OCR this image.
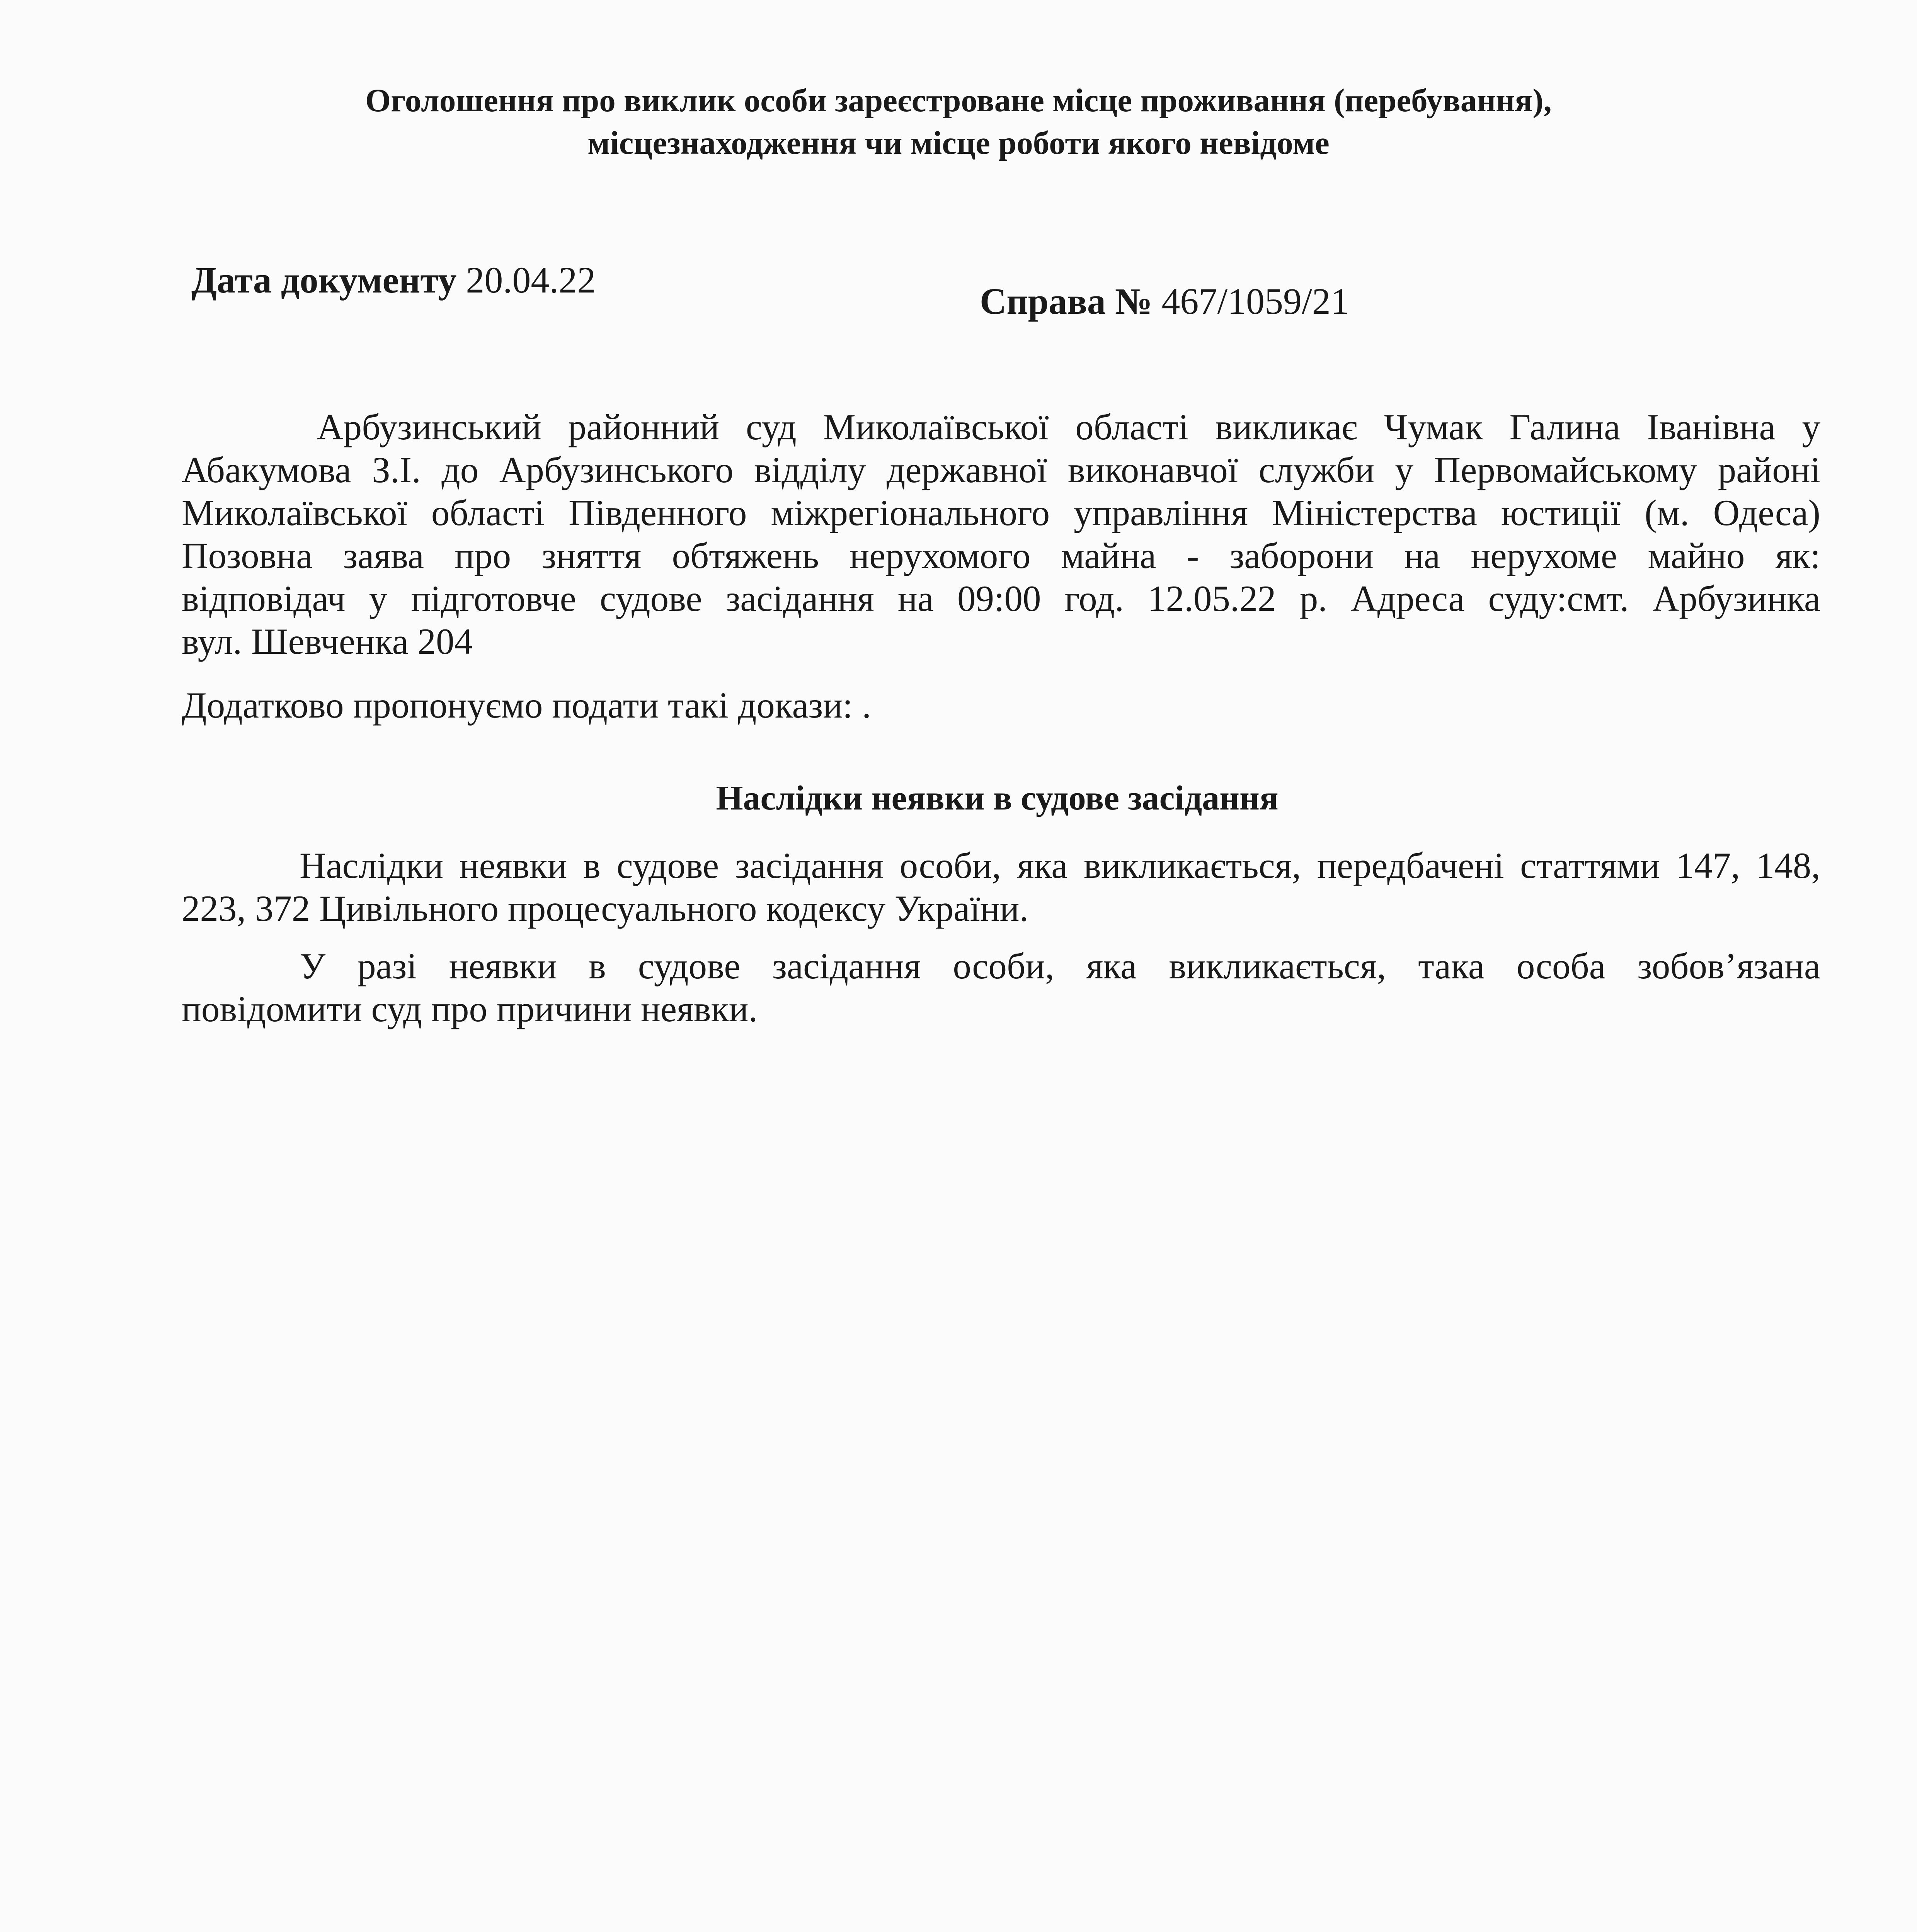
Оголошення про виклик особи зареєстроване місце проживання (перебування),
місцезнаходження чи місце роботи якого невідоме
Дата документу 20.04.22
Справа № 467/1059/21
Арбузинський районний суд Миколаївської області викликає Чумак Галина Іванівна у
Абакумова З.І. до Арбузинського відділу державної виконавчої служби у Первомайському районі
Миколаївської області Південного міжрегіонального управління Міністерства юстиції (м. Одеса)
Позовна заява про зняття обтяжень нерухомого майна - заборони на нерухоме майно як:
відповідач у підготовче судове засідання на 09:00 год. 12.05.22 р. Адреса суду:смт. Арбузинка
вул. Шевченка 204
Додатково пропонуємо подати такі докази: .
Наслідки неявки в судове засідання
Наслідки неявки в судове засідання особи, яка викликається, передбачені статтями 147, 148,
223, 372 Цивільного процесуального кодексу України.
У разі неявки в судове засідання особи, яка викликається, така особа зобов’язана
повідомити суд про причини неявки.
